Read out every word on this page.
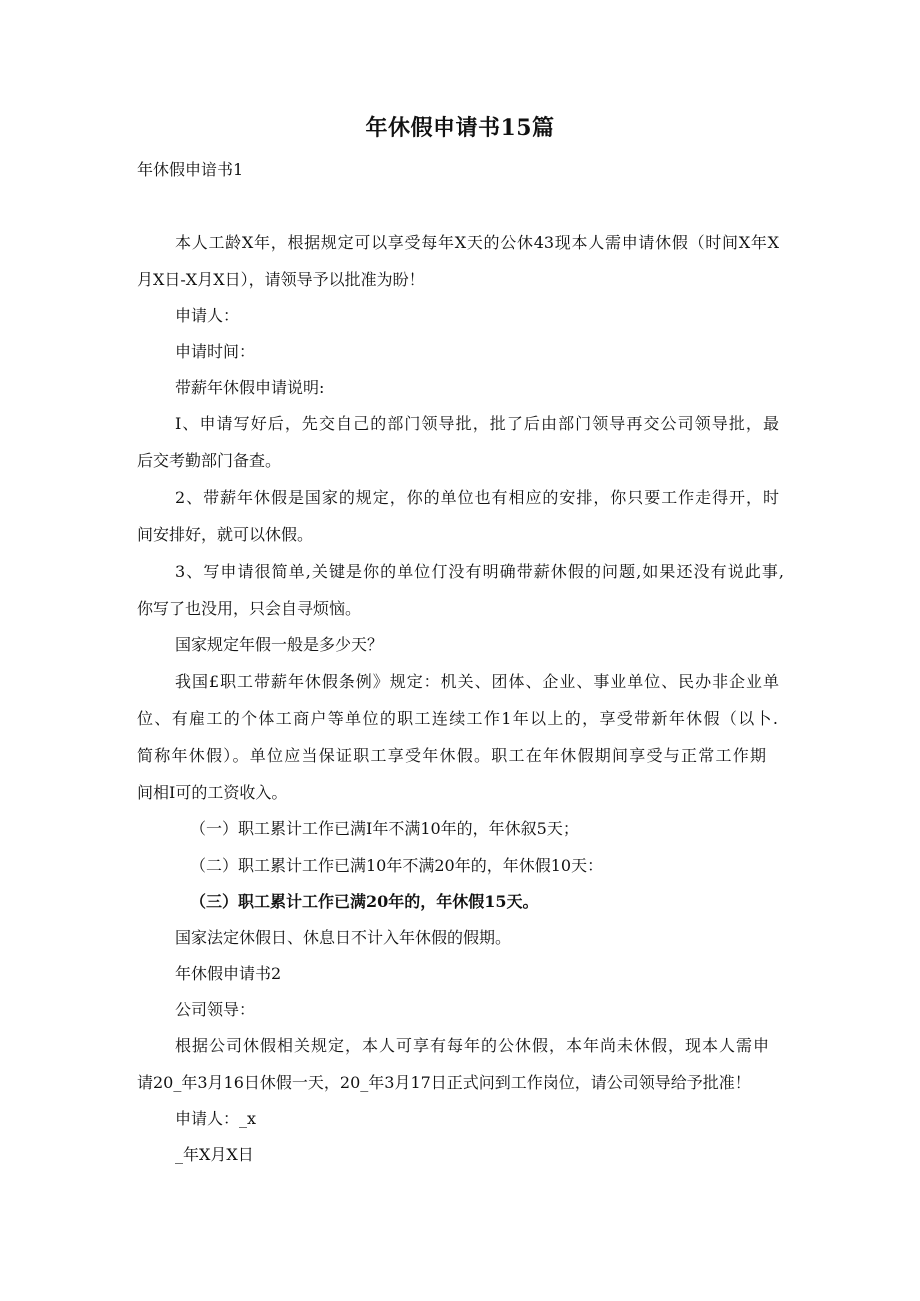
年休假申请书15篇
年休假申谙书1
本人工龄X年，根据规定可以享受每年X天的公休43现本人需申请休假（时间X年X
月X日-X月X日），请领导予以批准为盼！
申请人：
申请时间：
带薪年休假申请说明:
I、申请写好后，先交自己的部门领导批，批了后由部门领导再交公司领导批，最
后交考勤部门备查。
2、带薪年休假是国家的规定，你的单位也有相应的安排，你只要工作走得开，时
间安排好，就可以休假。
3、写申请很简单,关键是你的单位仃没有明确带薪休假的问题,如果还没有说此事,
你写了也没用，只会自寻烦恼。
国家规定年假一般是多少天？
我国£职工带薪年休假条例》规定：机关、团体、企业、事业单位、民办非企业单
位、有雇工的个体工商户等单位的职工连续工作1年以上的，享受带新年休假（以卜.
简称年休假）。单位应当保证职工享受年休假。职工在年休假期间享受与正常工作期
间相I可的工资收入。
（一）职工累计工作已满I年不满10年的，年休叙5天；
（二）职工累计工作已满10年不满20年的，年休假10天：
（三）职工累计工作已满20年的，年休假15天。
国家法定休假日、休息日不计入年休假的假期。
年休假申请书2
公司领导：
根据公司休假相关规定，本人可享有每年的公休假，本年尚未休假，现本人需申
请20_年3月16日休假一天，20_年3月17日正式问到工作岗位，请公司领导给予批准！
申请人：_x
_年X月X日
